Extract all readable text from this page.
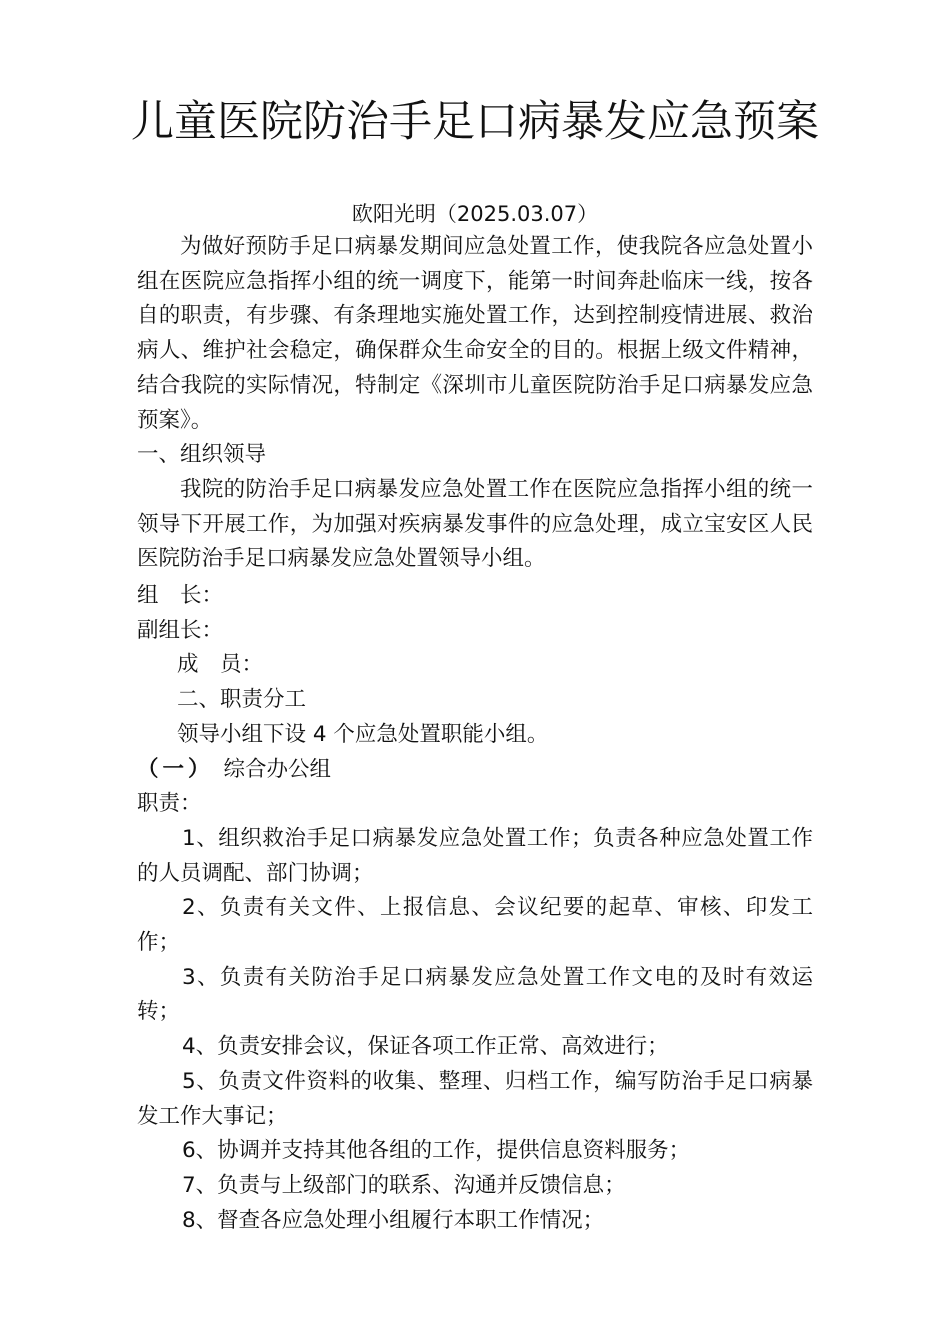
儿童医院防治手足口病暴发应急预案
欧阳光明（2025.03.07）

为做好预防手足口病暴发期间应急处置工作，使我院各应急处置小组在医院应急指挥小组的统一调度下，能第一时间奔赴临床一线，按各自的职责，有步骤、有条理地实施处置工作，达到控制疫情进展、救治病人、维护社会稳定，确保群众生命安全的目的。根据上级文件精神，结合我院的实际情况，特制定《深圳市儿童医院防治手足口病暴发应急预案》。

一、组织领导

我院的防治手足口病暴发应急处置工作在医院应急指挥小组的统一领导下开展工作，为加强对疾病暴发事件的应急处理，成立宝安区人民医院防治手足口病暴发应急处置领导小组。

组　长：

副组长：

成　员：

二、职责分工

领导小组下设 4 个应急处置职能小组。

（一） 综合办公组

职责：

1、组织救治手足口病暴发应急处置工作；负责各种应急处置工作的人员调配、部门协调；

2、负责有关文件、上报信息、会议纪要的起草、审核、印发工作；

3、负责有关防治手足口病暴发应急处置工作文电的及时有效运转；

4、负责安排会议，保证各项工作正常、高效进行；

5、负责文件资料的收集、整理、归档工作，编写防治手足口病暴发工作大事记；

6、协调并支持其他各组的工作，提供信息资料服务；

7、负责与上级部门的联系、沟通并反馈信息；

8、督查各应急处理小组履行本职工作情况；
